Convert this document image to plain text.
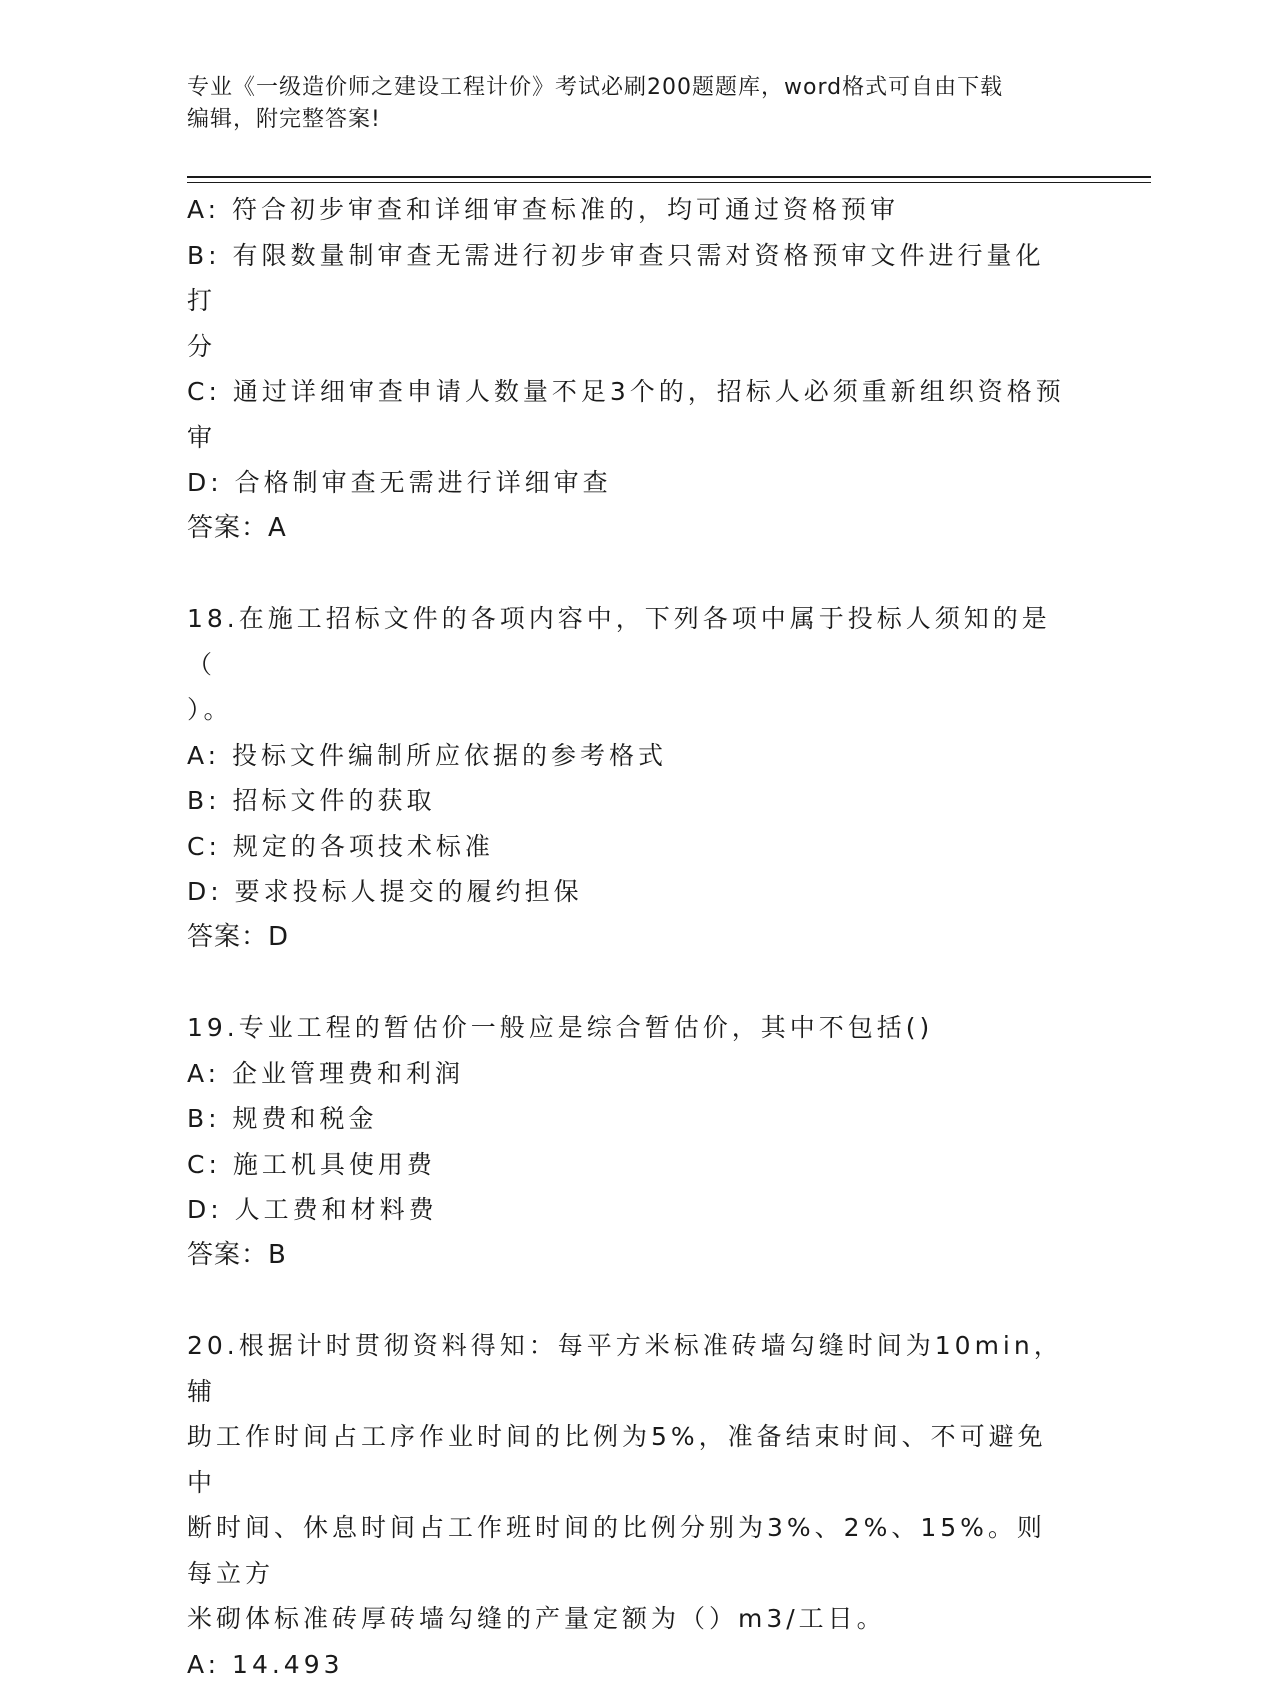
专业《一级造价师之建设工程计价》考试必刷200题题库，word格式可自由下载
编辑，附完整答案!
A: 符合初步审查和详细审查标准的，均可通过资格预审
B: 有限数量制审查无需进行初步审查只需对资格预审文件进行量化打
分
C: 通过详细审查申请人数量不足3个的，招标人必须重新组织资格预
审
D: 合格制审查无需进行详细审查
答案：A
18.在施工招标文件的各项内容中，下列各项中属于投标人须知的是（
）。
A: 投标文件编制所应依据的参考格式
B: 招标文件的获取
C: 规定的各项技术标准
D: 要求投标人提交的履约担保
答案：D
19.专业工程的暂估价一般应是综合暂估价，其中不包括()
A: 企业管理费和利润
B: 规费和税金
C: 施工机具使用费
D: 人工费和材料费
答案：B
20.根据计时贯彻资料得知：每平方米标准砖墙勾缝时间为10min，辅
助工作时间占工序作业时间的比例为5%，准备结束时间、不可避免中
断时间、休息时间占工作班时间的比例分别为3%、2%、15%。则每立方
米砌体标准砖厚砖墙勾缝的产量定额为（）m3/工日。
A: 14.493
